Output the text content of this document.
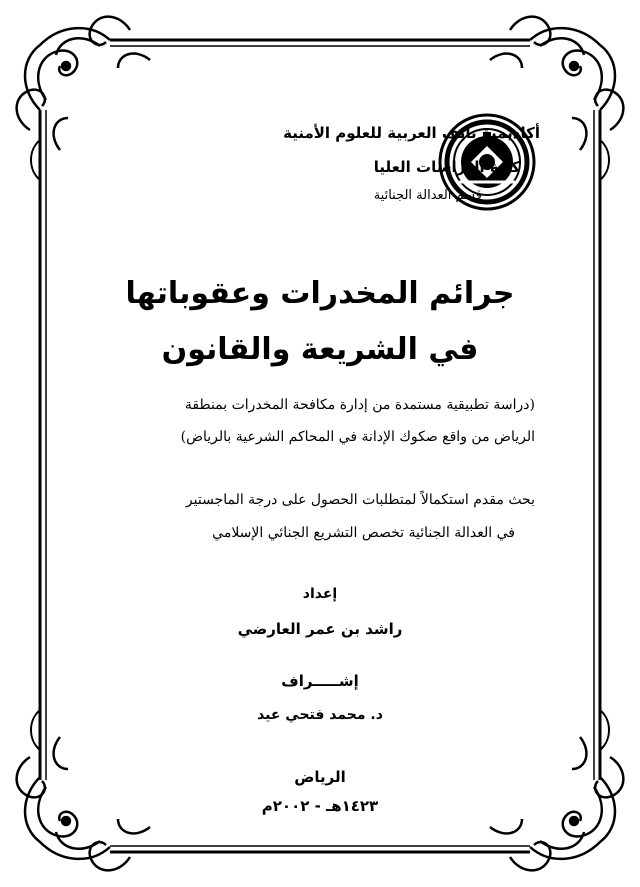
أكاديمية نايف العربية للعلوم الأمنية
كلية الدراسات العليا
قسم العدالة الجنائية
جرائم المخدرات وعقوباتها
في الشريعة والقانون
(دراسة تطبيقية مستمدة من إدارة مكافحة المخدرات بمنطقة
الرياض من واقع صكوك الإدانة في المحاكم الشرعية بالرياض)
بحث مقدم استكمالاً لمتطلبات الحصول على درجة الماجستير
في العدالة الجنائية تخصص التشريع الجنائي الإسلامي
إعداد
راشد بن عمر العارضي
إشـــــراف
د. محمد فتحي عيد
الرياض
١٤٢٣هـ - ٢٠٠٢م
